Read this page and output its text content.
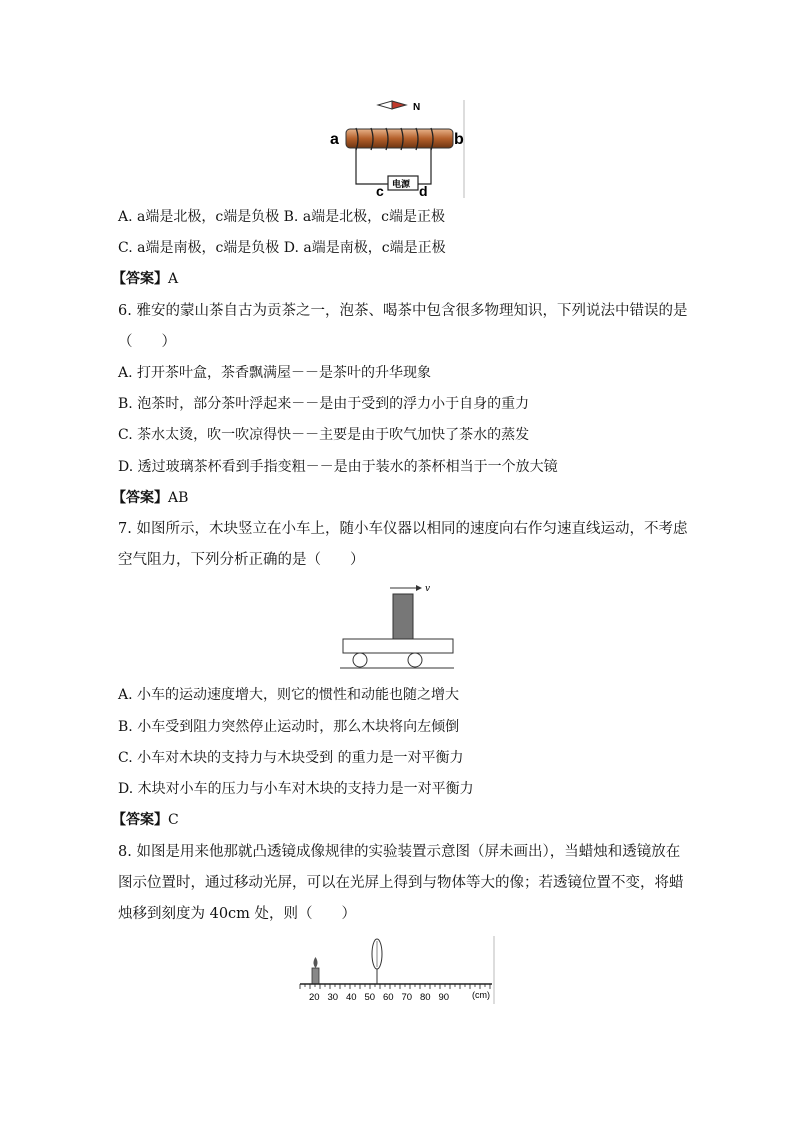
N
a	b
电源
c	d
A. a端是北极，c端是负极 B. a端是北极，c端是正极
C. a端是南极，c端是负极 D. a端是南极，c端是正极
【答案】A
6. 雅安的蒙山茶自古为贡茶之一，泡茶、喝茶中包含很多物理知识，下列说法中错误的是
（　　）
A. 打开茶叶盒，茶香飘满屋－－是茶叶的升华现象
B. 泡茶时，部分茶叶浮起来－－是由于受到的浮力小于自身的重力
C. 茶水太烫，吹一吹凉得快－－主要是由于吹气加快了茶水的蒸发
D. 透过玻璃茶杯看到手指变粗－－是由于装水的茶杯相当于一个放大镜
【答案】AB
7. 如图所示，木块竖立在小车上，随小车仪器以相同的速度向右作匀速直线运动，不考虑
空气阻力，下列分析正确的是（　　）
v
A. 小车的运动速度增大，则它的惯性和动能也随之增大
B. 小车受到阻力突然停止运动时，那么木块将向左倾倒
C. 小车对木块的支持力与木块受到 的重力是一对平衡力
D. 木块对小车的压力与小车对木块的支持力是一对平衡力
【答案】C
8. 如图是用来他那就凸透镜成像规律的实验装置示意图（屏未画出），当蜡烛和透镜放在
图示位置时，通过移动光屏，可以在光屏上得到与物体等大的像；若透镜位置不变，将蜡
烛移到刻度为 40cm 处，则（　　）
20 30 40 50 60 70 80 90	(cm)
